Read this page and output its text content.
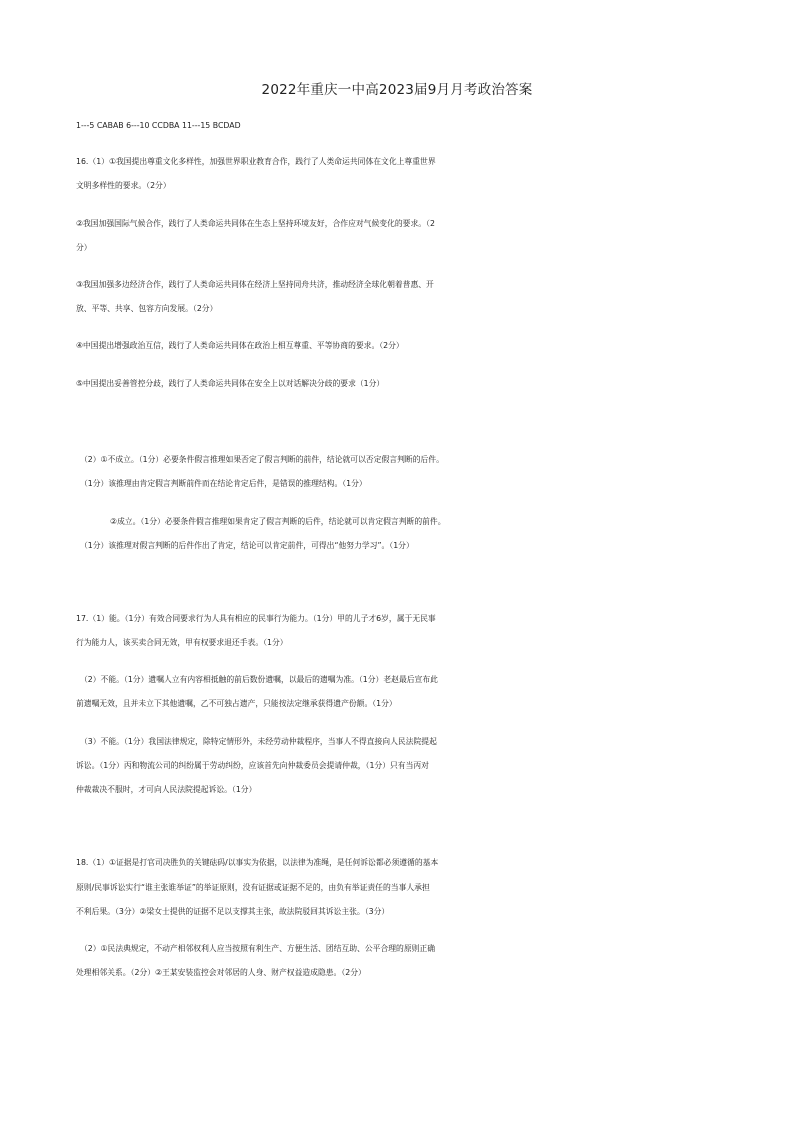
2022年重庆一中高2023届9月月考政治答案
1---5 CABAB 6---10 CCDBA 11---15 BCDAD
16.（1）①我国提出尊重文化多样性，加强世界职业教育合作，践行了人类命运共同体在文化上尊重世界
文明多样性的要求。（2分）
②我国加强国际气候合作，践行了人类命运共同体在生态上坚持环境友好，合作应对气候变化的要求。（2
分）
③我国加强多边经济合作，践行了人类命运共同体在经济上坚持同舟共济，推动经济全球化朝着普惠、开
放、平等、共享、包容方向发展。（2分）
④中国提出增强政治互信，践行了人类命运共同体在政治上相互尊重、平等协商的要求。（2分）
⑤中国提出妥善管控分歧，践行了人类命运共同体在安全上以对话解决分歧的要求（1分）
（2）①不成立。（1分）必要条件假言推理如果否定了假言判断的前件，结论就可以否定假言判断的后件。
（1分）该推理由肯定假言判断前件而在结论肯定后件，是错误的推理结构。（1分）
②成立。（1分）必要条件假言推理如果肯定了假言判断的后件，结论就可以肯定假言判断的前件。
（1分）该推理对假言判断的后件作出了肯定，结论可以肯定前件，可得出“他努力学习”。（1分）
17.（1）能。（1分）有效合同要求行为人具有相应的民事行为能力。（1分）甲的儿子才6岁，属于无民事
行为能力人，该买卖合同无效，甲有权要求退还手表。（1分）
（2）不能。（1分）遗嘱人立有内容相抵触的前后数份遗嘱，以最后的遗嘱为准。（1分）老赵最后宣布此
前遗嘱无效，且并未立下其他遗嘱，乙不可独占遗产，只能按法定继承获得遗产份额。（1分）
（3）不能。（1分）我国法律规定，除特定情形外，未经劳动仲裁程序，当事人不得直接向人民法院提起
诉讼。（1分）丙和物流公司的纠纷属于劳动纠纷，应该首先向仲裁委员会提请仲裁，（1分）只有当丙对
仲裁裁决不服时，才可向人民法院提起诉讼。（1分）
18.（1）①证据是打官司决胜负的关键砝码/以事实为依据，以法律为准绳，是任何诉讼都必须遵循的基本
原则/民事诉讼实行“谁主张谁举证”的举证原则，没有证据或证据不足的，由负有举证责任的当事人承担
不利后果。（3分）②梁女士提供的证据不足以支撑其主张，故法院驳回其诉讼主张。（3分）
（2）①民法典规定，不动产相邻权利人应当按照有利生产、方便生活、团结互助、公平合理的原则正确
处理相邻关系。（2分）②王某安装监控会对邻居的人身、财产权益造成隐患。（2分）
